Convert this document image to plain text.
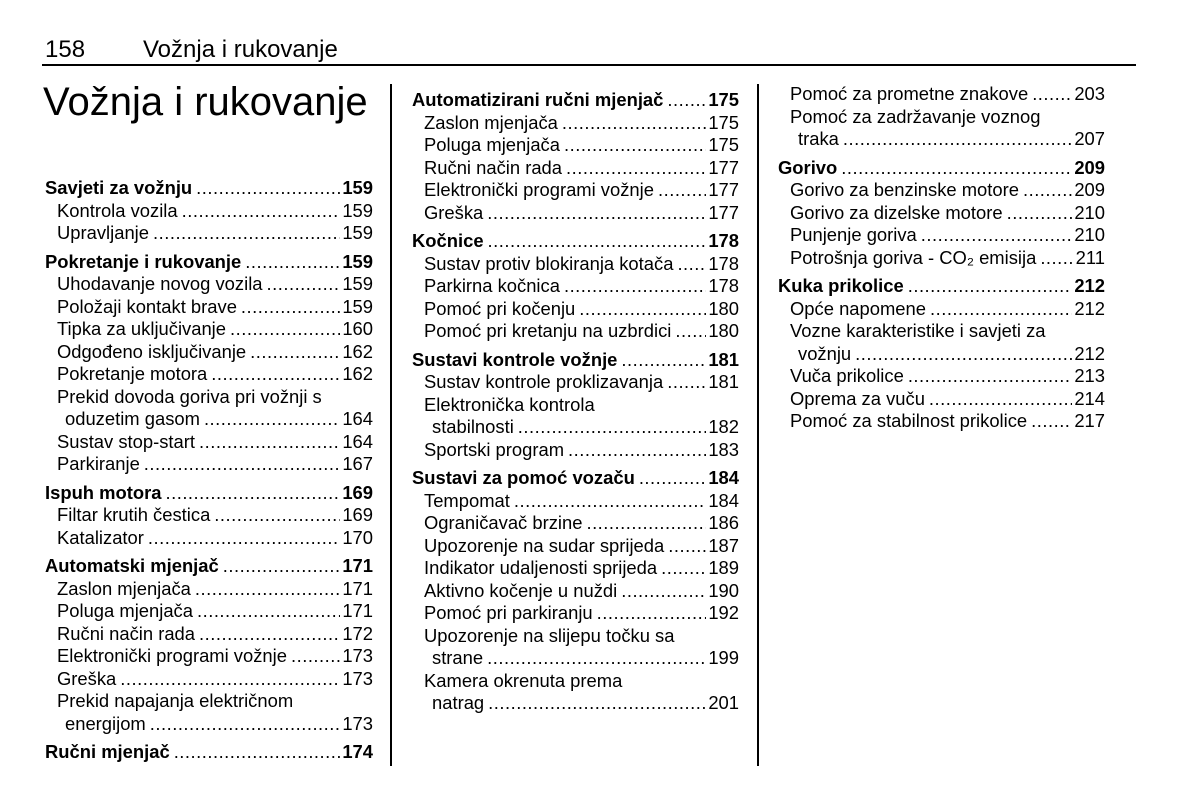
158 Vožnja i rukovanje
Vožnja i rukovanje
Savjeti za vožnju .....	159
Kontrola vozila .....	159
Upravljanje .....	159
Pokretanje i rukovanje .....	159
Uhodavanje novog vozila .....	159
Položaji kontakt brave .....	159
Tipka za uključivanje .....	160
Odgođeno isključivanje .....	162
Pokretanje motora .....	162
Prekid dovoda goriva pri vožnji s
oduzetim gasom .....	164
Sustav stop-start .....	164
Parkiranje .....	167
Ispuh motora .....	169
Filtar krutih čestica .....	169
Katalizator .....	170
Automatski mjenjač .....	171
Zaslon mjenjača .....	171
Poluga mjenjača .....	171
Ručni način rada .....	172
Elektronički programi vožnje .....	173
Greška .....	173
Prekid napajanja električnom
energijom .....	173
Ručni mjenjač .....	174
Automatizirani ručni mjenjač ..... 175
Zaslon mjenjača .....	175
Poluga mjenjača .....	175
Ručni način rada .....	177
Elektronički programi vožnje .....	177
Greška .....	177
Kočnice .....	178
Sustav protiv blokiranja kotača ..... 178
Parkirna kočnica .....	178
Pomoć pri kočenju .....	180
Pomoć pri kretanju na uzbrdici ..... 180
Sustavi kontrole vožnje .....	181
Sustav kontrole proklizavanja ..... 181
Elektronička kontrola
stabilnosti .....	182
Sportski program .....	183
Sustavi za pomoć vozaču .....	184
Tempomat .....	184
Ograničavač brzine .....	186
Upozorenje na sudar sprijeda ..... 187
Indikator udaljenosti sprijeda .....	189
Aktivno kočenje u nuždi .....	190
Pomoć pri parkiranju .....	192
Upozorenje na slijepu točku sa
strane .....	199
Kamera okrenuta prema
natrag .....	201
Pomoć za prometne znakove .....	203
Pomoć za zadržavanje voznog
traka .....	207
Gorivo .....	209
Gorivo za benzinske motore .....	209
Gorivo za dizelske motore .....	210
Punjenje goriva .....	210
Potrošnja goriva - CO₂ emisija ..... 211
Kuka prikolice .....	212
Opće napomene .....	212
Vozne karakteristike i savjeti za
vožnju .....	212
Vuča prikolice .....	213
Oprema za vuču .....	214
Pomoć za stabilnost prikolice .....	217
